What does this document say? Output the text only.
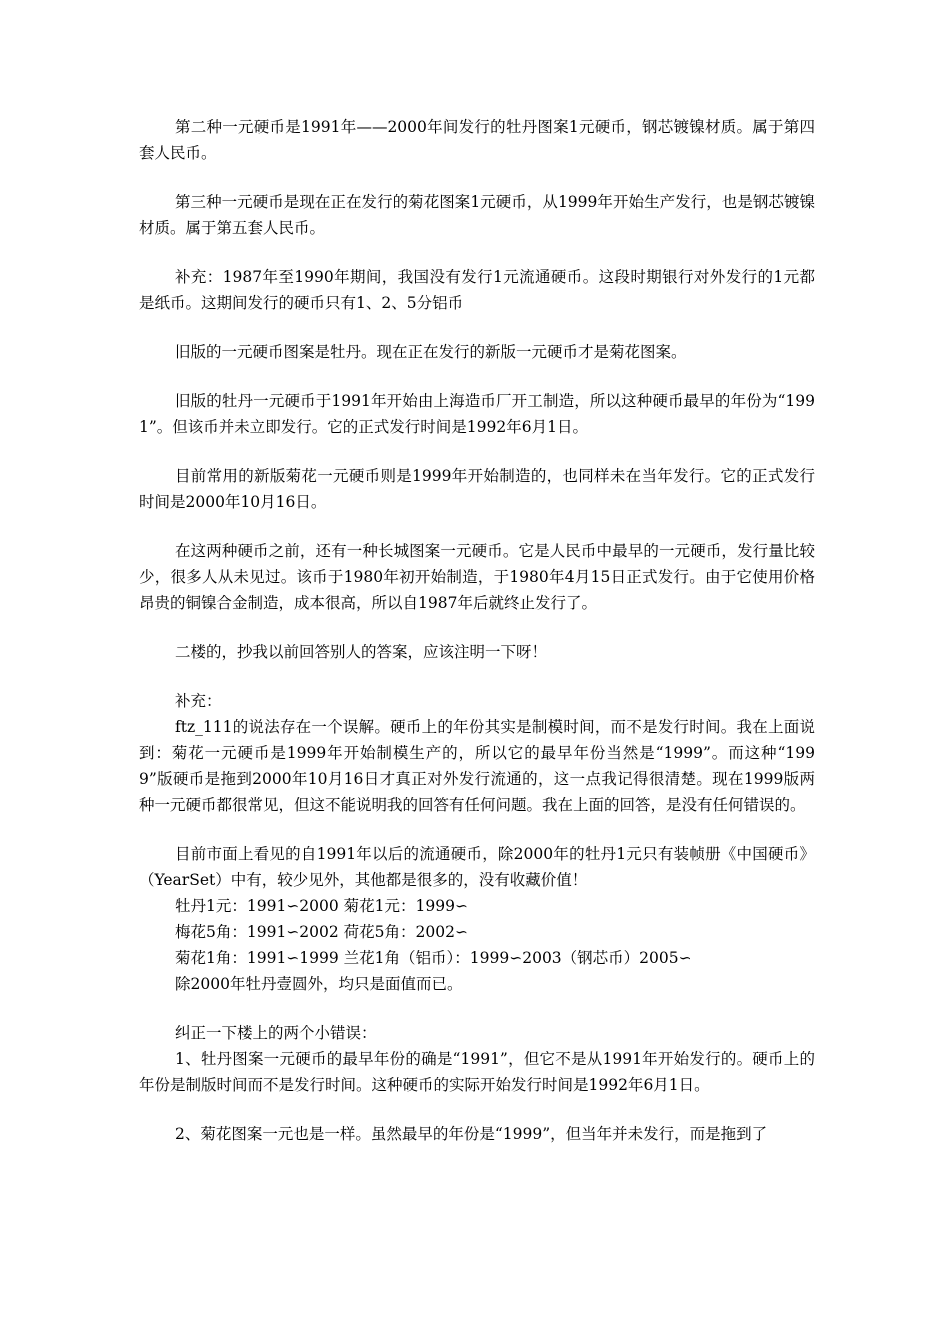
第二种一元硬币是1991年——2000年间发行的牡丹图案1元硬币，钢芯镀镍材质。属于第四套人民币。

第三种一元硬币是现在正在发行的菊花图案1元硬币，从1999年开始生产发行，也是钢芯镀镍材质。属于第五套人民币。

补充：1987年至1990年期间，我国没有发行1元流通硬币。这段时期银行对外发行的1元都是纸币。这期间发行的硬币只有1、2、5分铝币

旧版的一元硬币图案是牡丹。现在正在发行的新版一元硬币才是菊花图案。

旧版的牡丹一元硬币于1991年开始由上海造币厂开工制造，所以这种硬币最早的年份为“1991”。但该币并未立即发行。它的正式发行时间是1992年6月1日。

目前常用的新版菊花一元硬币则是1999年开始制造的，也同样未在当年发行。它的正式发行时间是2000年10月16日。

在这两种硬币之前，还有一种长城图案一元硬币。它是人民币中最早的一元硬币，发行量比较少，很多人从未见过。该币于1980年初开始制造，于1980年4月15日正式发行。由于它使用价格昂贵的铜镍合金制造，成本很高，所以自1987年后就终止发行了。

二楼的，抄我以前回答别人的答案，应该注明一下呀！

补充：

ftz_111的说法存在一个误解。硬币上的年份其实是制模时间，而不是发行时间。我在上面说到：菊花一元硬币是1999年开始制模生产的，所以它的最早年份当然是“1999”。而这种“1999”版硬币是拖到2000年10月16日才真正对外发行流通的，这一点我记得很清楚。现在1999版两种一元硬币都很常见，但这不能说明我的回答有任何问题。我在上面的回答，是没有任何错误的。

目前市面上看见的自1991年以后的流通硬币，除2000年的牡丹1元只有装帧册《中国硬币》（YearSet）中有，较少见外，其他都是很多的，没有收藏价值！

牡丹1元：1991∽2000 菊花1元：1999∽

梅花5角：1991∽2002 荷花5角：2002∽

菊花1角：1991∽1999 兰花1角（铝币）：1999∽2003（钢芯币）2005∽

除2000年牡丹壹圆外，均只是面值而已。

纠正一下楼上的两个小错误：

1、牡丹图案一元硬币的最早年份的确是“1991”，但它不是从1991年开始发行的。硬币上的年份是制版时间而不是发行时间。这种硬币的实际开始发行时间是1992年6月1日。

2、菊花图案一元也是一样。虽然最早的年份是“1999”，但当年并未发行，而是拖到了
